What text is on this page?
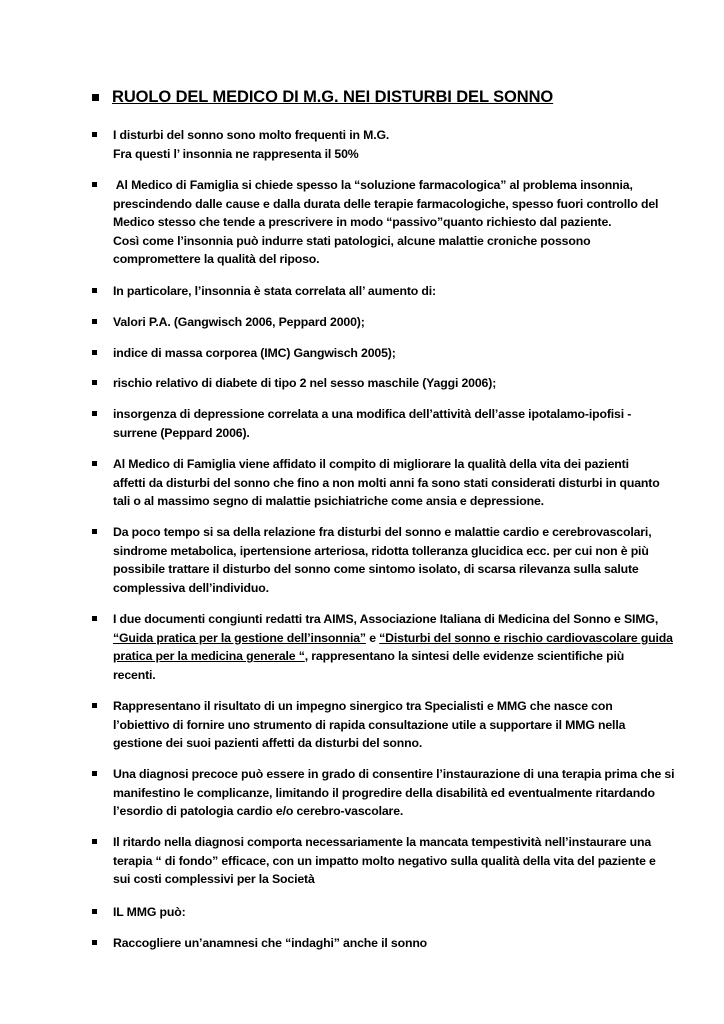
RUOLO DEL MEDICO DI M.G. NEI DISTURBI DEL SONNO
I disturbi del sonno sono molto frequenti in M.G.
Fra questi l’ insonnia ne rappresenta il 50%
Al Medico di Famiglia si chiede spesso la “soluzione farmacologica” al problema insonnia,
prescindendo dalle cause e dalla durata delle terapie farmacologiche, spesso fuori controllo del
Medico stesso che tende a prescrivere in modo “passivo”quanto richiesto dal paziente.
Così come l’insonnia può indurre stati patologici, alcune malattie croniche possono
compromettere la qualità del riposo.
In particolare, l’insonnia è stata correlata all’ aumento di:
Valori P.A. (Gangwisch 2006, Peppard 2000);
indice di massa corporea (IMC) Gangwisch 2005);
rischio relativo di diabete di tipo 2 nel sesso maschile (Yaggi 2006);
insorgenza di depressione correlata a una modifica dell’attività dell’asse ipotalamo-ipofisi -
surrene (Peppard 2006).
Al Medico di Famiglia viene affidato il compito di migliorare la qualità della vita dei pazienti
affetti da disturbi del sonno che fino a non molti anni fa sono stati considerati disturbi in quanto
tali o al massimo segno di malattie psichiatriche come ansia e depressione.
Da poco tempo si sa della relazione fra disturbi del sonno e malattie cardio e cerebrovascolari,
sindrome metabolica, ipertensione arteriosa, ridotta tolleranza glucidica ecc. per cui non è più
possibile trattare il disturbo del sonno come sintomo isolato, di scarsa rilevanza sulla salute
complessiva dell’individuo.
I due documenti congiunti redatti tra AIMS, Associazione Italiana di Medicina del Sonno e SIMG,
“Guida pratica per la gestione dell’insonnia” e “Disturbi del sonno e rischio cardiovascolare guida
pratica per la medicina generale “, rappresentano la sintesi delle evidenze scientifiche più
recenti.
Rappresentano il risultato di un impegno sinergico tra Specialisti e MMG che nasce con
l’obiettivo di fornire uno strumento di rapida consultazione utile a supportare il MMG nella
gestione dei suoi pazienti affetti da disturbi del sonno.
Una diagnosi precoce può essere in grado di consentire l’instaurazione di una terapia prima che si
manifestino le complicanze, limitando il progredire della disabilità ed eventualmente ritardando
l’esordio di patologia cardio e/o cerebro-vascolare.
Il ritardo nella diagnosi comporta necessariamente la mancata tempestività nell’instaurare una
terapia “ di fondo” efficace, con un impatto molto negativo sulla qualità della vita del paziente e
sui costi complessivi per la Società
IL MMG può:
Raccogliere un’anamnesi che “indaghi” anche il sonno
